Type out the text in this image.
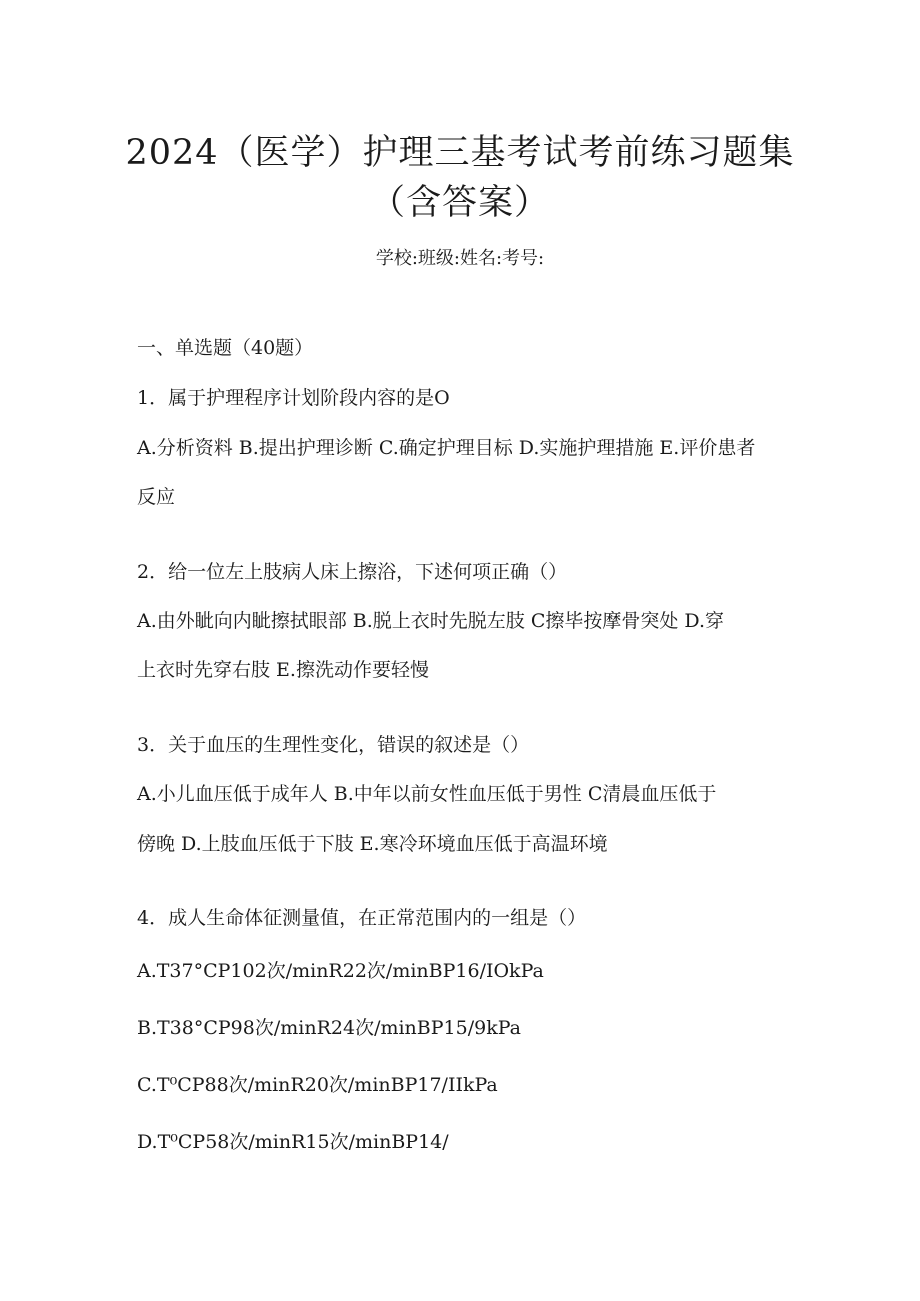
2024（医学）护理三基考试考前练习题集
（含答案）
学校:班级:姓名:考号:
一、单选题（40题）
1．属于护理程序计划阶段内容的是O
A.分析资料 B.提出护理诊断 C.确定护理目标 D.实施护理措施 E.评价患者
反应
2．给一位左上肢病人床上擦浴，下述何项正确（）
A.由外眦向内眦擦拭眼部 B.脱上衣时先脱左肢 C擦毕按摩骨突处 D.穿
上衣时先穿右肢 E.擦洗动作要轻慢
3．关于血压的生理性变化，错误的叙述是（）
A.小儿血压低于成年人 B.中年以前女性血压低于男性 C清晨血压低于
傍晚 D.上肢血压低于下肢 E.寒冷环境血压低于高温环境
4．成人生命体征测量值，在正常范围内的一组是（）
A.T37°CP102次/minR22次/minBP16/IOkPa
B.T38°CP98次/minR24次/minBP15/9kPa
C.T⁰CP88次/minR20次/minBP17/IIkPa
D.T⁰CP58次/minR15次/minBP14/
